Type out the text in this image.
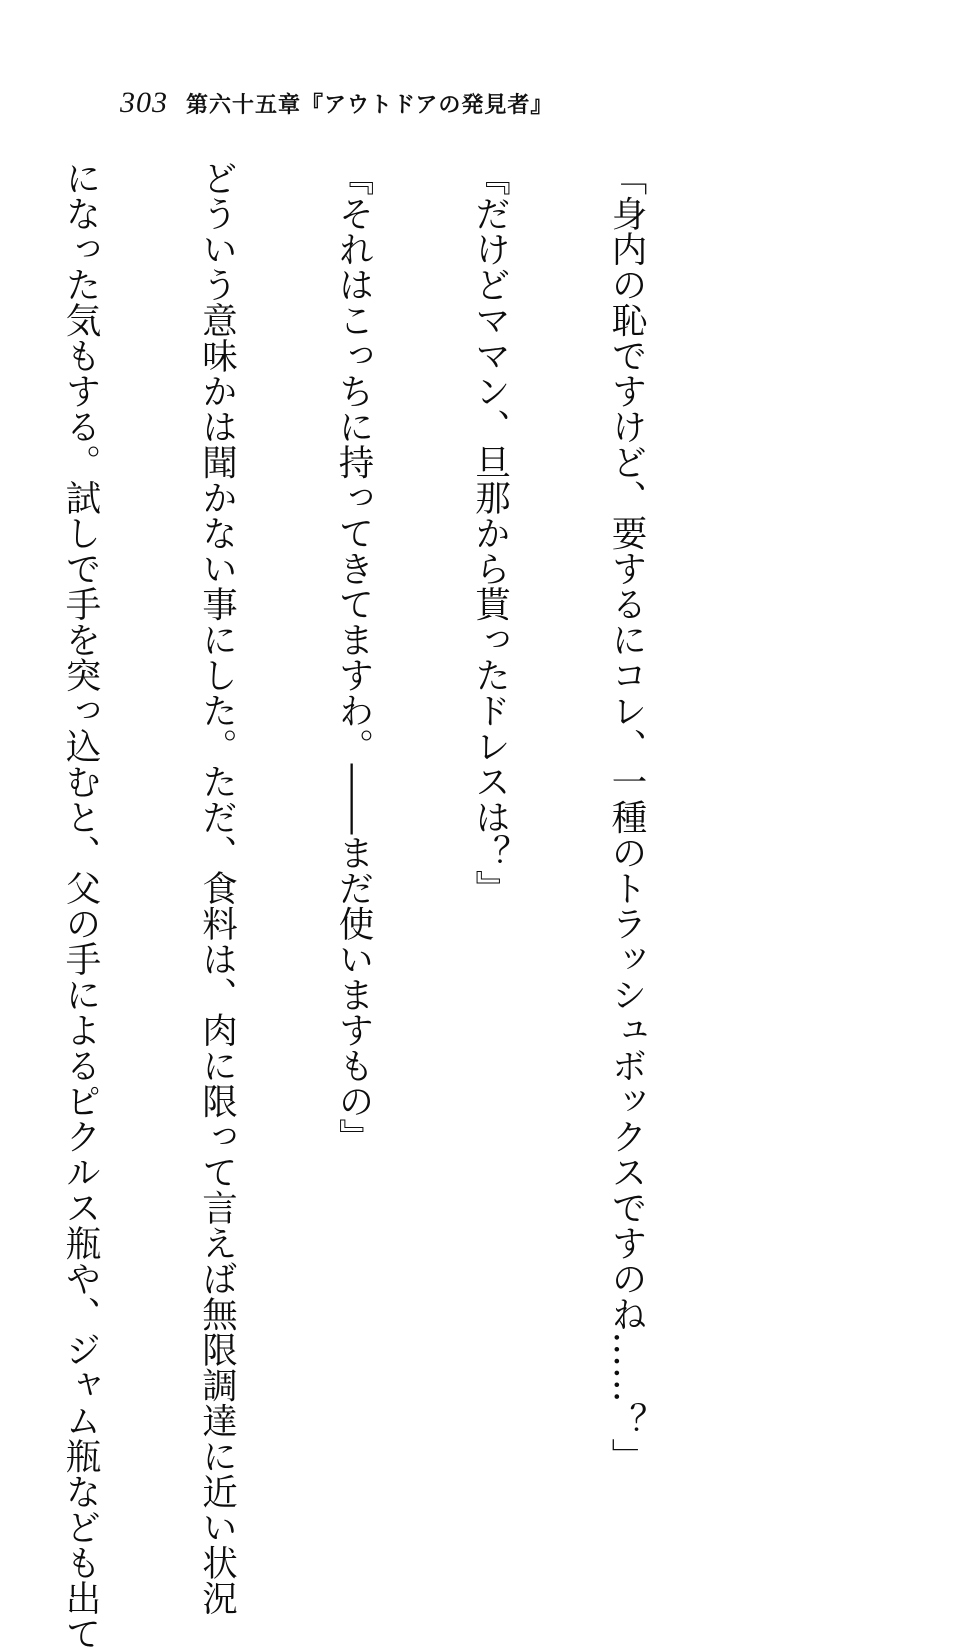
303 第六十五章『アウトドアの発見者』

「身内の恥ですけど、要するにコレ、一種のトラッシュボックスですのね……？」

『だけどママン、旦那から貰ったドレスは？』

『それはこっちに持ってきてますわ。――まだ使いますもの』

どういう意味かは聞かない事にした。ただ、食料は、肉に限って言えば無限調達に近い状況

になった気もする。試しで手を突っ込むと、父の手によるピクルス瓶や、ジャム瓶なども出て
